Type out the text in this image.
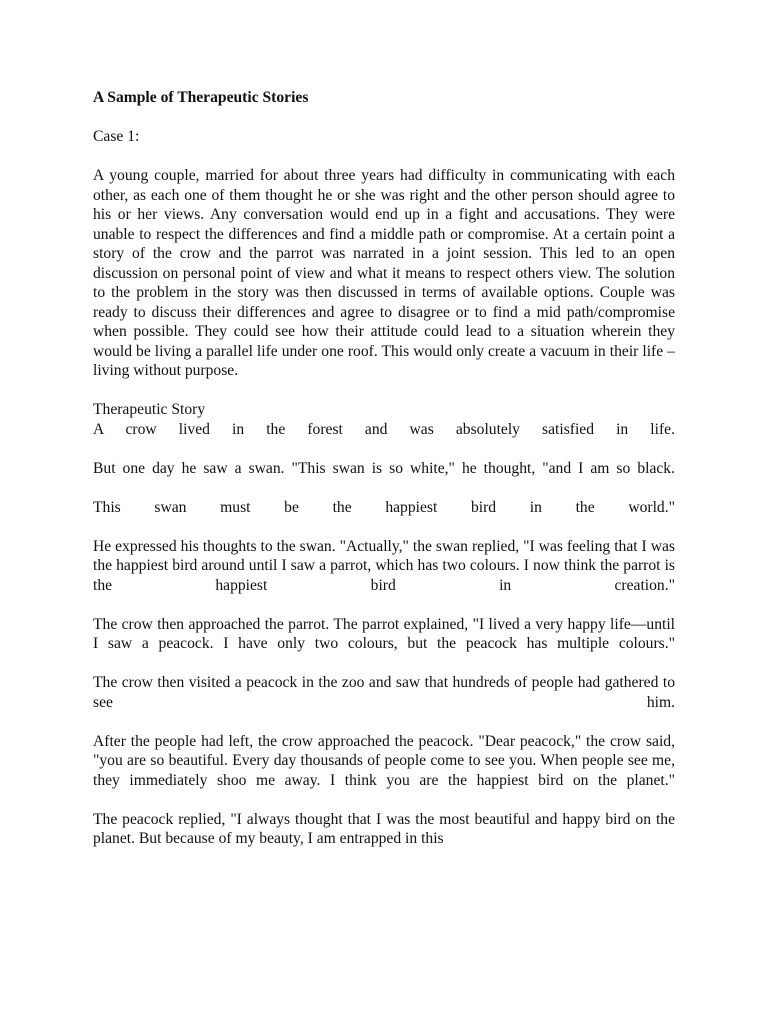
A Sample of Therapeutic Stories
Case 1:
A young couple, married for about three years had difficulty in communicating with each other, as each one of them thought he or she was right and the other person should agree to his or her views. Any conversation would end up in a fight and accusations. They were unable to respect the differences and find a middle path or compromise. At a certain point a story of the crow and the parrot was narrated in a joint session. This led to an open discussion on personal point of view and what it means to respect others view. The solution to the problem in the story was then discussed in terms of available options. Couple was ready to discuss their differences and agree to disagree or to find a mid path/compromise when possible. They could see how their attitude could lead to a situation wherein they would be living a parallel life under one roof. This would only create a vacuum in their life – living without purpose.
Therapeutic Story
A crow lived in the forest and was absolutely satisfied in life.
But one day he saw a swan. "This swan is so white," he thought, "and I am so black.
This swan must be the happiest bird in the world."
He expressed his thoughts to the swan. "Actually," the swan replied, "I was feeling that I was the happiest bird around until I saw a parrot, which has two colours. I now think the parrot is the happiest bird in creation."
The crow then approached the parrot. The parrot explained, "I lived a very happy life—until I saw a peacock. I have only two colours, but the peacock has multiple colours."
The crow then visited a peacock in the zoo and saw that hundreds of people had gathered to see him.
After the people had left, the crow approached the peacock. "Dear peacock," the crow said, "you are so beautiful. Every day thousands of people come to see you. When people see me, they immediately shoo me away. I think you are the happiest bird on the planet."
The peacock replied, "I always thought that I was the most beautiful and happy bird on the planet. But because of my beauty, I am entrapped in this
